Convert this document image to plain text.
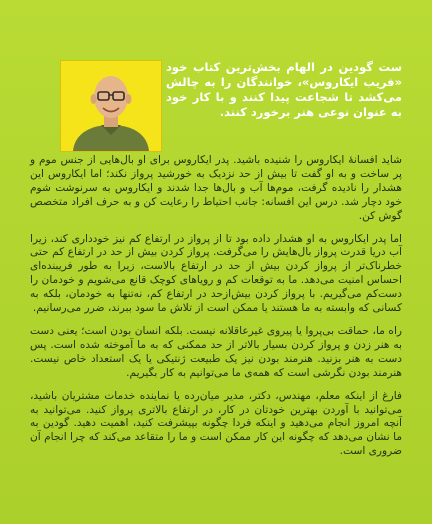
ست گودین در الهام بخش‌ترین کتاب خود «فریب ایکاروس»، خوانندگان را به چالش می‌کشد تا شجاعت پیدا کنند و با کار خود به عنوان نوعی هنر برخورد کنند.

شاید افسانهٔ ایکاروس را شنیده باشید. پدر ایکاروس برای او بال‌هایی از جنس موم و پر ساخت و به او گفت تا بیش از حد نزدیک به خورشید پرواز نکند؛ اما ایکاروس این هشدار را نادیده گرفت، موم‌ها آب و بال‌ها جدا شدند و ایکاروس به سرنوشت شوم خود دچار شد. درس این افسانه: جانب احتیاط را رعایت کن و به حرف افراد متخصص گوش کن.

اما پدر ایکاروس به او هشدار داده بود تا از پرواز در ارتفاع کم نیز خودداری کند، زیرا آب دریا قدرت پرواز بال‌هایش را می‌گرفت. پرواز کردن بیش از حد در ارتفاع کم حتی خطرناک‌تر از پرواز کردن بیش از حد در ارتفاع بالاست، زیرا به طور فریبنده‌ای احساس امنیت می‌دهد. ما به توقعات کم و رویاهای کوچک قانع می‌شویم و خودمان را دست‌کم می‌گیریم. با پرواز کردن بیش‌ازحد در ارتفاع کم، نه‌تنها به خودمان، بلکه به کسانی که وابسته به ما هستند یا ممکن است از تلاش ما سود ببرند، ضرر می‌رسانیم.

راه ما، حماقت بی‌پروا یا پیروی غیرعاقلانه نیست. بلکه انسان بودن است؛ یعنی دست به هنر زدن و پرواز کردن بسیار بالاتر از حد ممکنی که به ما آموخته شده است. پس دست به هنر بزنید. هنرمند بودن نیز یک طبیعت ژنتیکی یا یک استعداد خاص نیست. هنرمند بودن نگرشی است که همه‌ی ما می‌توانیم به کار بگیریم.

فارغ از اینکه معلم، مهندس، دکتر، مدیر میان‌رده یا نماینده خدمات مشتریان باشید، می‌توانید با آوردن بهترین خودتان در کار، در ارتفاع بالاتری پرواز کنید. می‌توانید به آنچه امروز انجام می‌دهید و اینکه فردا چگونه بپیشرفت کنید، اهمیت دهید. گودین به ما نشان می‌دهد که چگونه این کار ممکن است و ما را متقاعد می‌کند که چرا انجام آن ضروری است.
